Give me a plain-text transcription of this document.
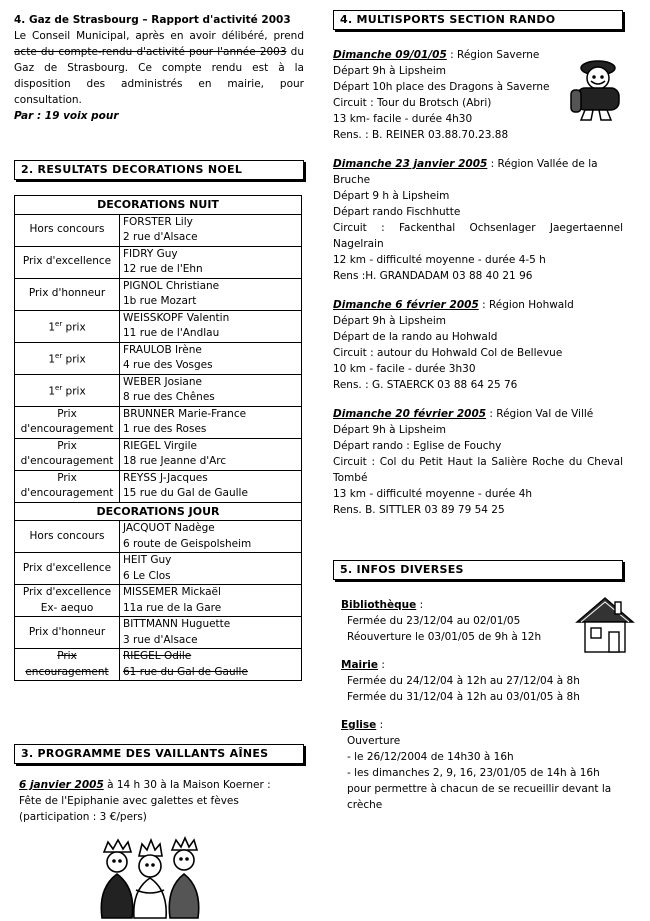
4. Gaz de Strasbourg – Rapport d'activité 2003

Le Conseil Municipal, après en avoir délibéré, prend acte du compte-rendu d'activité pour l'année 2003 du Gaz de Strasbourg. Ce compte rendu est à la disposition des administrés en mairie, pour consultation.

Par : 19 voix pour

2. RESULTATS DECORATIONS NOEL
DECORATIONS NUIT	
Hors concours	FORSTER Lily
2 rue d'Alsace

Prix d'excellence	FIDRY Guy
12 rue de l'Ehn

Prix d'honneur	PIGNOL Christiane
1b rue Mozart

1er prix	WEISSKOPF Valentin
11 rue de l'Andlau

1er prix	FRAULOB Irène
4 rue des Vosges

1er prix	WEBER Josiane
8 rue des Chênes

Prix d'encouragement	BRUNNER Marie-France
1 rue des Roses

Prix d'encouragement	RIEGEL Virgile
18 rue Jeanne d'Arc

Prix d'encouragement	REYSS J-Jacques
15 rue du Gal de Gaulle

DECORATIONS JOUR	
Hors concours	JACQUOT Nadège
6 route de Geispolsheim

Prix d'excellence	HEIT Guy
6 Le Clos

Prix d'excellence Ex- aequo	MISSEMER Mickaël
11a rue de la Gare

Prix d'honneur	BITTMANN Huguette
3 rue d'Alsace

Prix encouragement	RIEGEL Odile
61 rue du Gal de Gaulle
3. PROGRAMME DES VAILLANTS AÎNES

6 janvier 2005 à 14 h 30 à la Maison Koerner :

Fête de l'Epiphanie avec galettes et fèves

(participation : 3 €/pers)

4. MULTISPORTS SECTION RANDO

Dimanche 09/01/05 : Région Saverne

Départ 9h à Lipsheim

Départ 10h place des Dragons à Saverne

Circuit : Tour du Brotsch (Abri)

13 km- facile - durée 4h30

Rens. : B. REINER 03.88.70.23.88

Dimanche 23 janvier 2005 : Région Vallée de la Bruche

Départ 9 h à Lipsheim

Départ rando Fischhutte

Circuit : Fackenthal Ochsenlager Jaegertaennel Nagelrain

12 km - difficulté moyenne - durée 4-5 h

Rens :H. GRANDADAM 03 88 40 21 96

Dimanche 6 février 2005 : Région Hohwald

Départ 9h à Lipsheim

Départ de la rando au Hohwald

Circuit : autour du Hohwald Col de Bellevue

10 km - facile - durée 3h30

Rens. : G. STAERCK 03 88 64 25 76

Dimanche 20 février 2005 : Région Val de Villé

Départ 9h à Lipsheim

Départ rando : Eglise de Fouchy

Circuit : Col du Petit Haut la Salière Roche du Cheval Tombé

13 km - difficulté moyenne - durée 4h

Rens. B. SITTLER 03 89 79 54 25

5. INFOS DIVERSES

Bibliothèque :

Fermée du 23/12/04 au 02/01/05

Réouverture le 03/01/05 de 9h à 12h

Mairie :

Fermée du 24/12/04 à 12h au 27/12/04 à 8h

Fermée du 31/12/04 à 12h au 03/01/05 à 8h

Eglise :

Ouverture

- le 26/12/2004 de 14h30 à 16h

- les dimanches 2, 9, 16, 23/01/05 de 14h à 16h pour permettre à chacun de se recueillir devant la crèche
